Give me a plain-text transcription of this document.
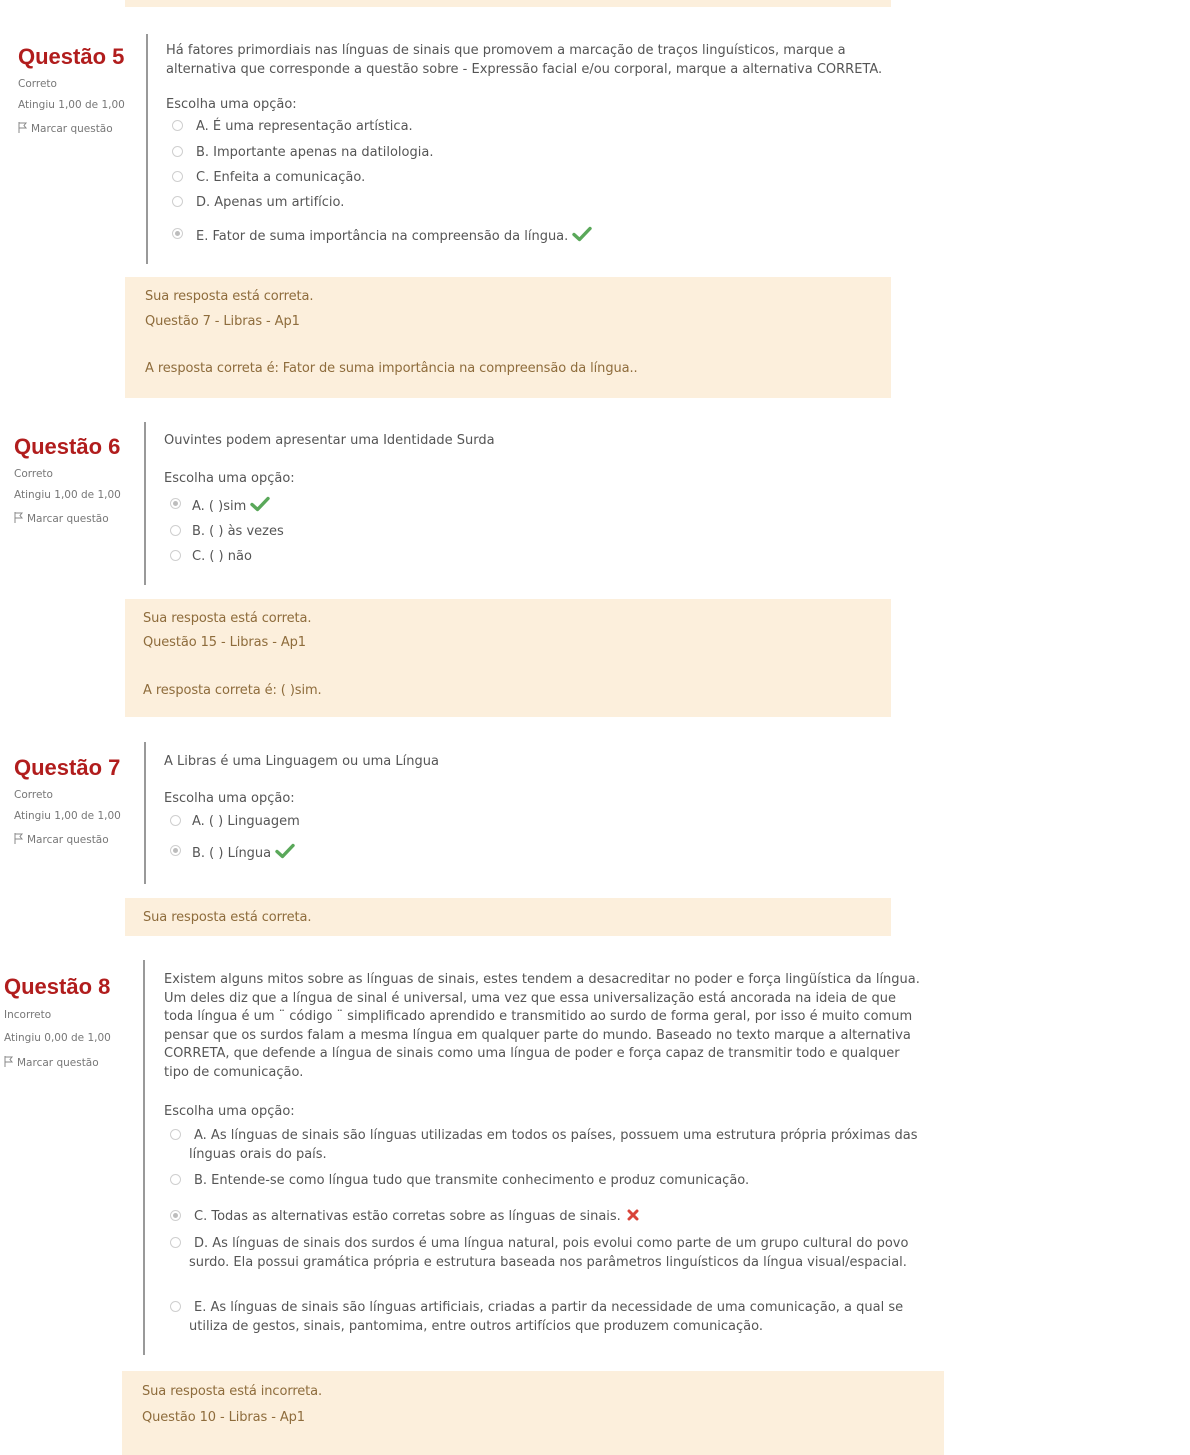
Questão 5
Correto
Atingiu 1,00 de 1,00
Marcar questão
Há fatores primordiais nas línguas de sinais que promovem a marcação de traços linguísticos, marque a alternativa que corresponde a questão sobre - Expressão facial e/ou corporal, marque a alternativa CORRETA.
Escolha uma opção:
A. É uma representação artística.
B. Importante apenas na datilologia.
C. Enfeita a comunicação.
D. Apenas um artifício.
E. Fator de suma importância na compreensão da língua.
Sua resposta está correta.
Questão 7 - Libras - Ap1
A resposta correta é: Fator de suma importância na compreensão da língua..
Questão 6
Correto
Atingiu 1,00 de 1,00
Marcar questão
Ouvintes podem apresentar uma Identidade Surda
Escolha uma opção:
A. ( )sim
B. ( ) às vezes
C. ( ) não
Sua resposta está correta.
Questão 15 - Libras - Ap1
A resposta correta é: ( )sim.
Questão 7
Correto
Atingiu 1,00 de 1,00
Marcar questão
A Libras é uma Linguagem ou uma Língua
Escolha uma opção:
A. ( ) Linguagem
B. ( ) Língua
Sua resposta está correta.
Questão 8
Incorreto
Atingiu 0,00 de 1,00
Marcar questão
Existem alguns mitos sobre as línguas de sinais, estes tendem a desacreditar no poder e força lingüística da língua. Um deles diz que a língua de sinal é universal, uma vez que essa universalização está ancorada na ideia de que toda língua é um ¨ código ¨ simplificado aprendido e transmitido ao surdo de forma geral, por isso é muito comum pensar que os surdos falam a mesma língua em qualquer parte do mundo. Baseado no texto marque a alternativa CORRETA, que defende a língua de sinais como uma língua de poder e força capaz de transmitir todo e qualquer tipo de comunicação.
Escolha uma opção:
A. As línguas de sinais são línguas utilizadas em todos os países, possuem uma estrutura própria próximas das línguas orais do país.
B. Entende-se como língua tudo que transmite conhecimento e produz comunicação.
C. Todas as alternativas estão corretas sobre as línguas de sinais.
D. As línguas de sinais dos surdos é uma língua natural, pois evolui como parte de um grupo cultural do povo surdo. Ela possui gramática própria e estrutura baseada nos parâmetros linguísticos da língua visual/espacial.
E. As línguas de sinais são línguas artificiais, criadas a partir da necessidade de uma comunicação, a qual se utiliza de gestos, sinais, pantomima, entre outros artifícios que produzem comunicação.
Sua resposta está incorreta.
Questão 10 - Libras - Ap1
